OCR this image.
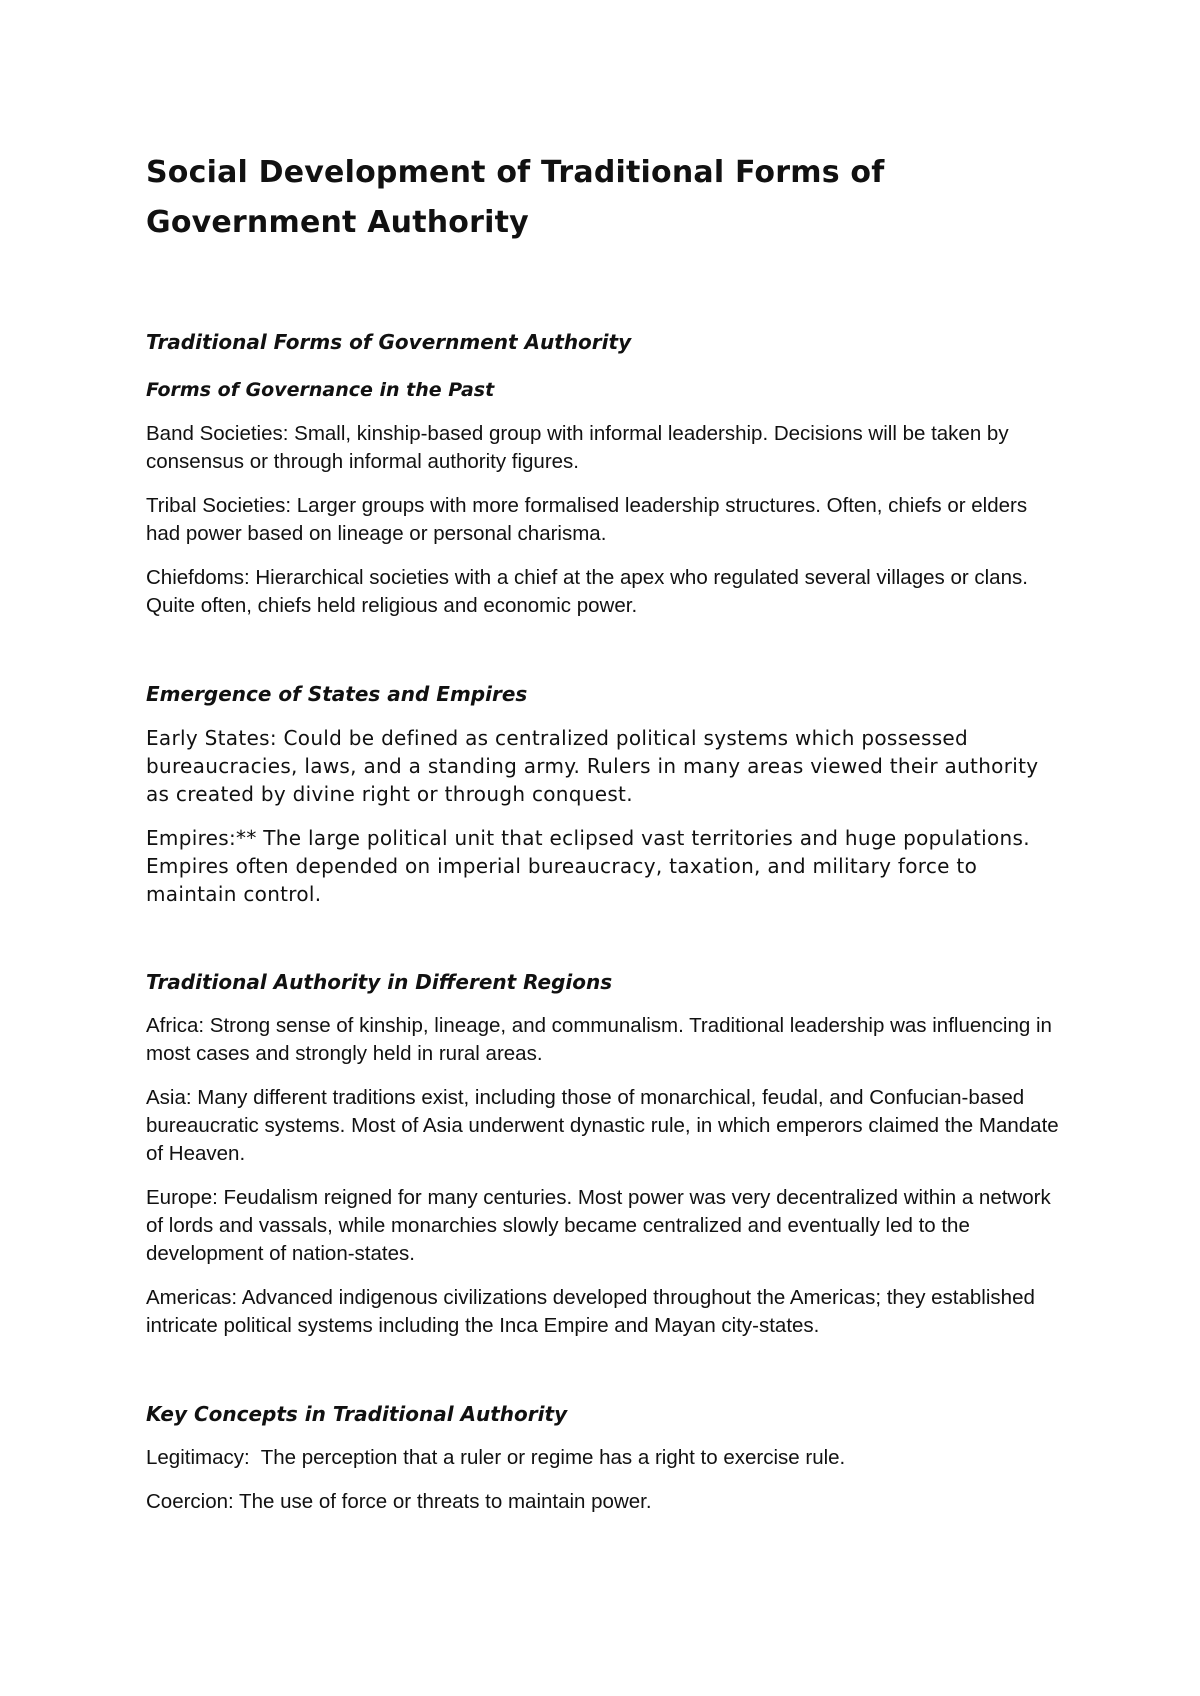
Social Development of Traditional Forms of Government Authority
Traditional Forms of Government Authority
Forms of Governance in the Past

Band Societies: Small, kinship-based group with informal leadership. Decisions will be taken by consensus or through informal authority figures.

Tribal Societies: Larger groups with more formalised leadership structures. Often, chiefs or elders had power based on lineage or personal charisma.

Chiefdoms: Hierarchical societies with a chief at the apex who regulated several villages or clans. Quite often, chiefs held religious and economic power.

Emergence of States and Empires

Early States: Could be defined as centralized political systems which possessed bureaucracies, laws, and a standing army. Rulers in many areas viewed their authority as created by divine right or through conquest.

Empires:** The large political unit that eclipsed vast territories and huge populations. Empires often depended on imperial bureaucracy, taxation, and military force to maintain control.

Traditional Authority in Different Regions

Africa: Strong sense of kinship, lineage, and communalism. Traditional leadership was influencing in most cases and strongly held in rural areas.

Asia: Many different traditions exist, including those of monarchical, feudal, and Confucian-based bureaucratic systems. Most of Asia underwent dynastic rule, in which emperors claimed the Mandate of Heaven.

Europe: Feudalism reigned for many centuries. Most power was very decentralized within a network of lords and vassals, while monarchies slowly became centralized and eventually led to the development of nation-states.

Americas: Advanced indigenous civilizations developed throughout the Americas; they established intricate political systems including the Inca Empire and Mayan city-states.

Key Concepts in Traditional Authority

Legitimacy:  The perception that a ruler or regime has a right to exercise rule.

Coercion: The use of force or threats to maintain power.
